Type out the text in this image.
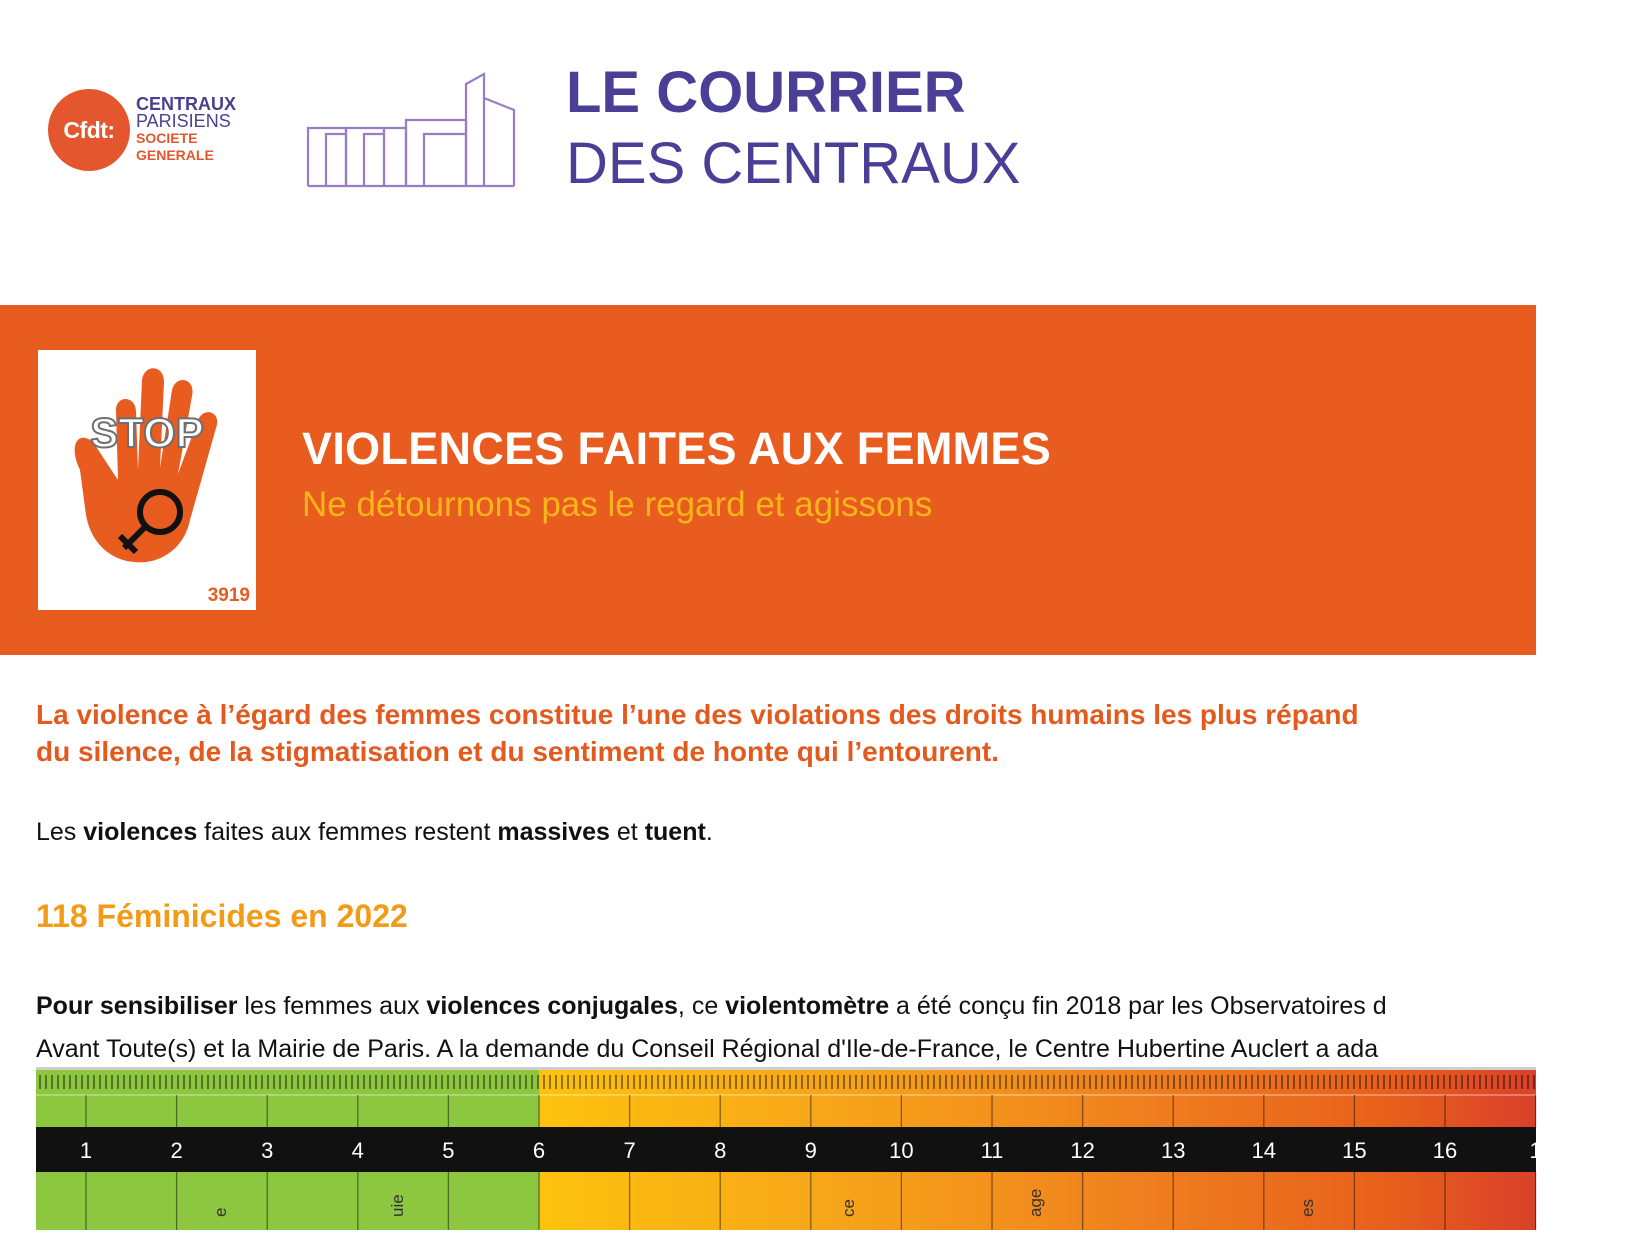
Cfdt:
CENTRAUX
PARISIENS
SOCIETE GENERALE
LE COURRIER
DES CENTRAUX
STOP
3919
VIOLENCES FAITES AUX FEMMES
Ne détournons pas le regard et agissons
La violence à l’égard des femmes constitue l’une des violations des droits humains les plus répand
du silence, de la stigmatisation et du sentiment de honte qui l’entourent.
Les violences faites aux femmes restent massives et tuent.
118 Féminicides en 2022
Pour sensibiliser les femmes aux violences conjugales, ce violentomètre a été conçu fin 2018 par les Observatoires d
Avant Toute(s) et la Mairie de Paris. A la demande du Conseil Régional d'Ile-de-France, le Centre Hubertine Auclert a ada
1	2	3	4	5	6	7	8	9	10	11	12	13	14	15	16	1
e	uie	ce	age	es
